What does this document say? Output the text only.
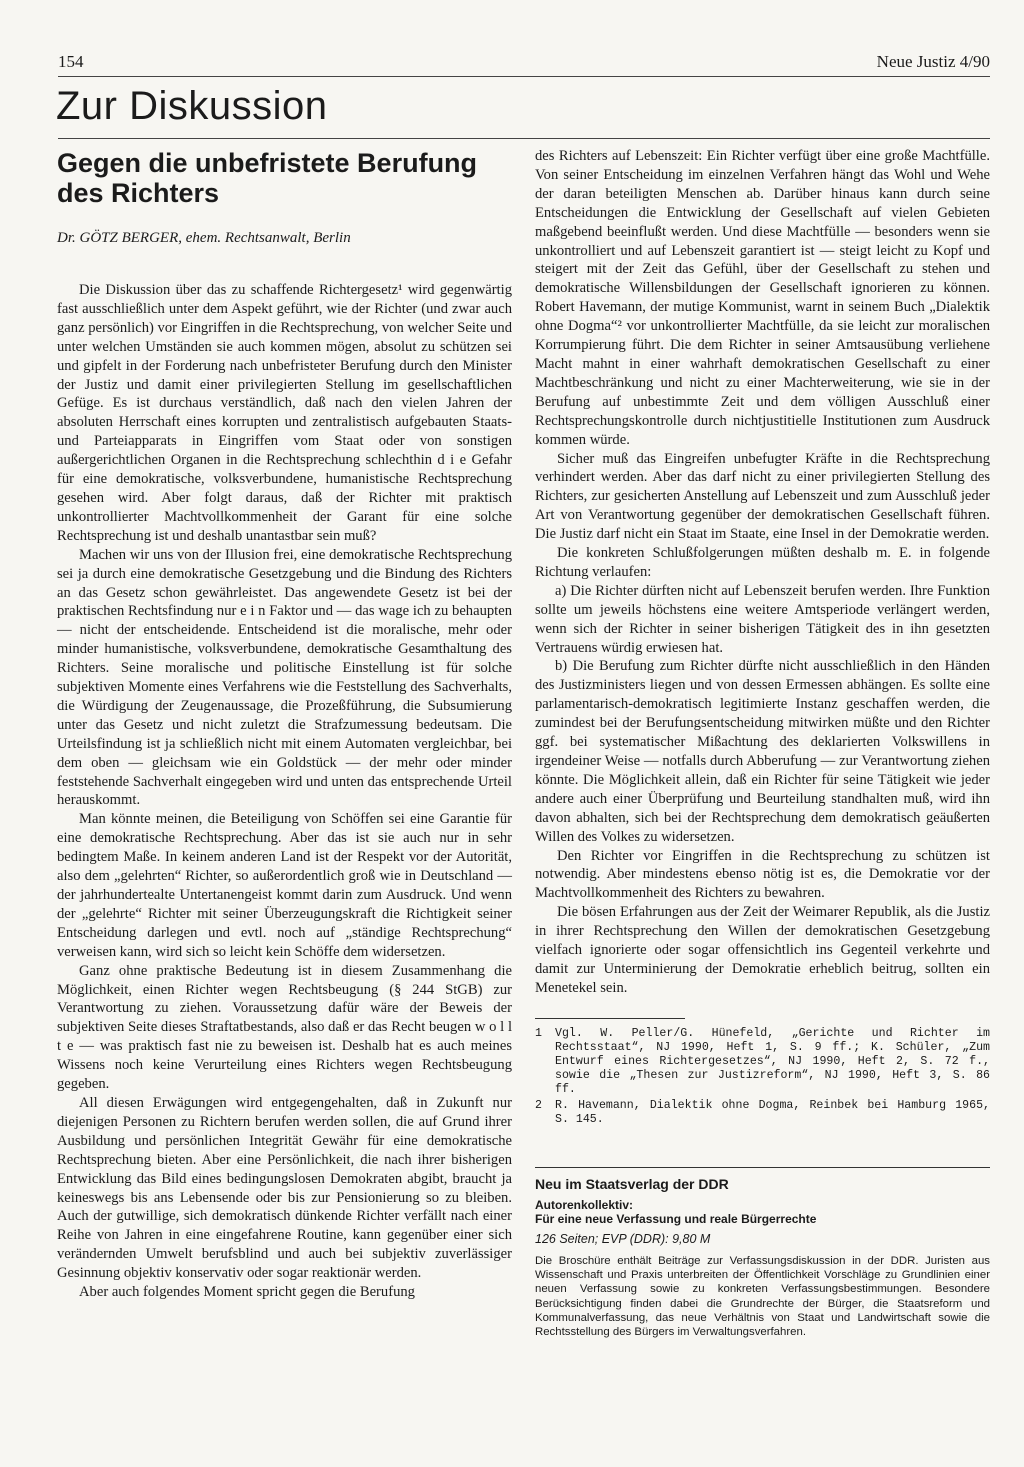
154	Neue Justiz 4/90
Zur Diskussion
Gegen die unbefristete Berufung des Richters
Dr. GÖTZ BERGER, ehem. Rechtsanwalt, Berlin

Die Diskussion über das zu schaffende Richtergesetz¹ wird gegenwärtig fast ausschließlich unter dem Aspekt geführt, wie der Richter (und zwar auch ganz persönlich) vor Eingriffen in die Rechtsprechung, von welcher Seite und unter welchen Umständen sie auch kommen mögen, absolut zu schützen sei und gipfelt in der Forderung nach unbefristeter Berufung durch den Minister der Justiz und damit einer privilegierten Stellung im gesellschaftlichen Gefüge. Es ist durchaus verständlich, daß nach den vielen Jahren der absoluten Herrschaft eines korrupten und zentralistisch aufgebauten Staats- und Parteiapparats in Eingriffen vom Staat oder von sonstigen außergerichtlichen Organen in die Rechtsprechung schlechthin d i e Gefahr für eine demokratische, volksverbundene, humanistische Rechtsprechung gesehen wird. Aber folgt daraus, daß der Richter mit praktisch unkontrollierter Machtvollkommenheit der Garant für eine solche Rechtsprechung ist und deshalb unantastbar sein muß?

Machen wir uns von der Illusion frei, eine demokratische Rechtsprechung sei ja durch eine demokratische Gesetzgebung und die Bindung des Richters an das Gesetz schon gewährleistet. Das angewendete Gesetz ist bei der praktischen Rechtsfindung nur e i n Faktor und — das wage ich zu behaupten — nicht der entscheidende. Entscheidend ist die moralische, mehr oder minder humanistische, volksverbundene, demokratische Gesamthaltung des Richters. Seine moralische und politische Einstellung ist für solche subjektiven Momente eines Verfahrens wie die Feststellung des Sachverhalts, die Würdigung der Zeugenaussage, die Prozeßführung, die Subsumierung unter das Gesetz und nicht zuletzt die Strafzumessung bedeutsam. Die Urteilsfindung ist ja schließlich nicht mit einem Automaten vergleichbar, bei dem oben — gleichsam wie ein Goldstück — der mehr oder minder feststehende Sachverhalt eingegeben wird und unten das entsprechende Urteil herauskommt.

Man könnte meinen, die Beteiligung von Schöffen sei eine Garantie für eine demokratische Rechtsprechung. Aber das ist sie auch nur in sehr bedingtem Maße. In keinem anderen Land ist der Respekt vor der Autorität, also dem „gelehrten“ Richter, so außerordentlich groß wie in Deutschland — der jahrhundertealte Untertanengeist kommt darin zum Ausdruck. Und wenn der „gelehrte“ Richter mit seiner Überzeugungskraft die Richtigkeit seiner Entscheidung darlegen und evtl. noch auf „ständige Rechtsprechung“ verweisen kann, wird sich so leicht kein Schöffe dem widersetzen.

Ganz ohne praktische Bedeutung ist in diesem Zusammenhang die Möglichkeit, einen Richter wegen Rechtsbeugung (§ 244 StGB) zur Verantwortung zu ziehen. Voraussetzung dafür wäre der Beweis der subjektiven Seite dieses Straftatbestands, also daß er das Recht beugen w o l l t e — was praktisch fast nie zu beweisen ist. Deshalb hat es auch meines Wissens noch keine Verurteilung eines Richters wegen Rechtsbeugung gegeben.

All diesen Erwägungen wird entgegengehalten, daß in Zukunft nur diejenigen Personen zu Richtern berufen werden sollen, die auf Grund ihrer Ausbildung und persönlichen Integrität Gewähr für eine demokratische Rechtsprechung bieten. Aber eine Persönlichkeit, die nach ihrer bisherigen Entwicklung das Bild eines bedingungslosen Demokraten abgibt, braucht ja keineswegs bis ans Lebensende oder bis zur Pensionierung so zu bleiben. Auch der gutwillige, sich demokratisch dünkende Richter verfällt nach einer Reihe von Jahren in eine eingefahrene Routine, kann gegenüber einer sich verändernden Umwelt berufsblind und auch bei subjektiv zuverlässiger Gesinnung objektiv konservativ oder sogar reaktionär werden.

Aber auch folgendes Moment spricht gegen die Berufung

des Richters auf Lebenszeit: Ein Richter verfügt über eine große Machtfülle. Von seiner Entscheidung im einzelnen Verfahren hängt das Wohl und Wehe der daran beteiligten Menschen ab. Darüber hinaus kann durch seine Entscheidungen die Entwicklung der Gesellschaft auf vielen Gebieten maßgebend beeinflußt werden. Und diese Machtfülle — besonders wenn sie unkontrolliert und auf Lebenszeit garantiert ist — steigt leicht zu Kopf und steigert mit der Zeit das Gefühl, über der Gesellschaft zu stehen und demokratische Willensbildungen der Gesellschaft ignorieren zu können. Robert Havemann, der mutige Kommunist, warnt in seinem Buch „Dialektik ohne Dogma“² vor unkontrollierter Machtfülle, da sie leicht zur moralischen Korrumpierung führt. Die dem Richter in seiner Amtsausübung verliehene Macht mahnt in einer wahrhaft demokratischen Gesellschaft zu einer Machtbeschränkung und nicht zu einer Machterweiterung, wie sie in der Berufung auf unbestimmte Zeit und dem völligen Ausschluß einer Rechtsprechungskontrolle durch nichtjustitielle Institutionen zum Ausdruck kommen würde.

Sicher muß das Eingreifen unbefugter Kräfte in die Rechtsprechung verhindert werden. Aber das darf nicht zu einer privilegierten Stellung des Richters, zur gesicherten Anstellung auf Lebenszeit und zum Ausschluß jeder Art von Verantwortung gegenüber der demokratischen Gesellschaft führen. Die Justiz darf nicht ein Staat im Staate, eine Insel in der Demokratie werden.

Die konkreten Schlußfolgerungen müßten deshalb m. E. in folgende Richtung verlaufen:

a) Die Richter dürften nicht auf Lebenszeit berufen werden. Ihre Funktion sollte um jeweils höchstens eine weitere Amtsperiode verlängert werden, wenn sich der Richter in seiner bisherigen Tätigkeit des in ihn gesetzten Vertrauens würdig erwiesen hat.

b) Die Berufung zum Richter dürfte nicht ausschließlich in den Händen des Justizministers liegen und von dessen Ermessen abhängen. Es sollte eine parlamentarisch-demokratisch legitimierte Instanz geschaffen werden, die zumindest bei der Berufungsentscheidung mitwirken müßte und den Richter ggf. bei systematischer Mißachtung des deklarierten Volkswillens in irgendeiner Weise — notfalls durch Abberufung — zur Verantwortung ziehen könnte. Die Möglichkeit allein, daß ein Richter für seine Tätigkeit wie jeder andere auch einer Überprüfung und Beurteilung standhalten muß, wird ihn davon abhalten, sich bei der Rechtsprechung dem demokratisch geäußerten Willen des Volkes zu widersetzen.

Den Richter vor Eingriffen in die Rechtsprechung zu schützen ist notwendig. Aber mindestens ebenso nötig ist es, die Demokratie vor der Machtvollkommenheit des Richters zu bewahren.

Die bösen Erfahrungen aus der Zeit der Weimarer Republik, als die Justiz in ihrer Rechtsprechung den Willen der demokratischen Gesetzgebung vielfach ignorierte oder sogar offensichtlich ins Gegenteil verkehrte und damit zur Unterminierung der Demokratie erheblich beitrug, sollten ein Menetekel sein.

1	Vgl. W. Peller/G. Hünefeld, „Gerichte und Richter im Rechtsstaat“, NJ 1990, Heft 1, S. 9 ff.; K. Schüler, „Zum Entwurf eines Richtergesetzes“, NJ 1990, Heft 2, S. 72 f., sowie die „Thesen zur Justizreform“, NJ 1990, Heft 3, S. 86 ff.
2	R. Havemann, Dialektik ohne Dogma, Reinbek bei Hamburg 1965, S. 145.
Neu im Staatsverlag der DDR
Autorenkollektiv:
Für eine neue Verfassung und reale Bürgerrechte
126 Seiten; EVP (DDR): 9,80 M
Die Broschüre enthält Beiträge zur Verfassungsdiskussion in der DDR. Juristen aus Wissenschaft und Praxis unterbreiten der Öffentlichkeit Vorschläge zu Grundlinien einer neuen Verfassung sowie zu konkreten Verfassungsbestimmungen. Besondere Berücksichtigung finden dabei die Grundrechte der Bürger, die Staatsreform und Kommunalverfassung, das neue Verhältnis von Staat und Landwirtschaft sowie die Rechtsstellung des Bürgers im Verwaltungsverfahren.
